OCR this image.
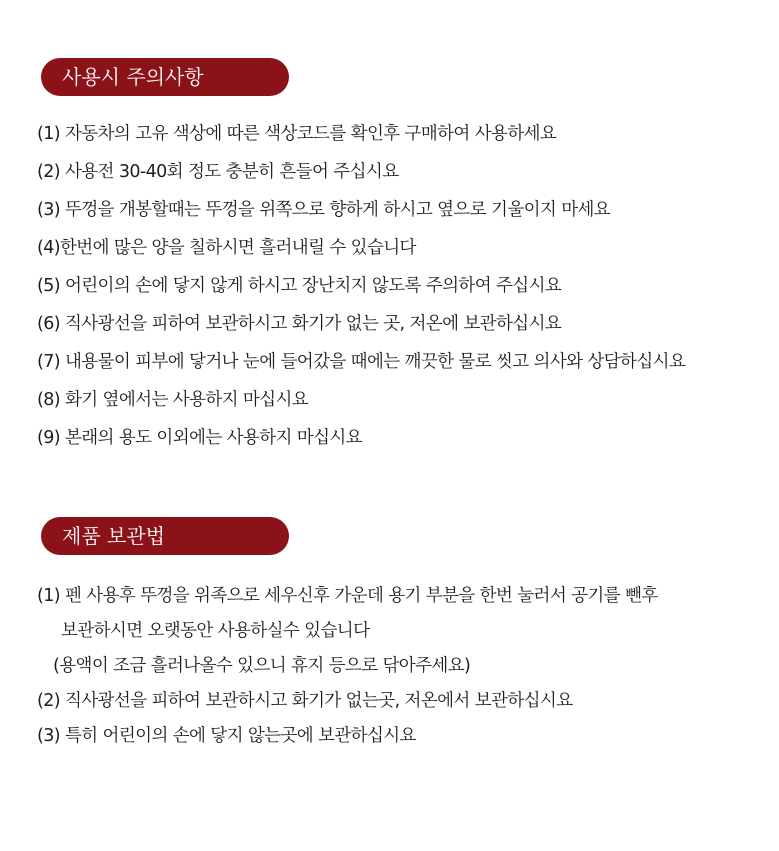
사용시 주의사항
(1) 자동차의 고유 색상에 따른 색상코드를 확인후 구매하여 사용하세요
(2) 사용전 30-40회 정도 충분히 흔들어 주십시요
(3) 뚜껑을 개봉할때는 뚜껑을 위쪽으로 향하게 하시고 옆으로 기울이지 마세요
(4)한번에 많은 양을 칠하시면 흘러내릴 수 있습니다
(5) 어린이의 손에 닿지 않게 하시고 장난치지 않도록 주의하여 주십시요
(6) 직사광선을 피하여 보관하시고 화기가 없는 곳, 저온에 보관하십시요
(7) 내용물이 피부에 닿거나 눈에 들어갔을 때에는 깨끗한 물로 씻고 의사와 상담하십시요
(8) 화기 옆에서는 사용하지 마십시요
(9) 본래의 용도 이외에는 사용하지 마십시요
제품 보관법
(1) 펜 사용후 뚜껑을 위족으로 세우신후 가운데 용기 부분을 한번 눌러서 공기를 뺀후
보관하시면 오랫동안 사용하실수 있습니다
(용액이 조금 흘러나올수 있으니 휴지 등으로 닦아주세요)
(2) 직사광선을 피하여 보관하시고 화기가 없는곳, 저온에서 보관하십시요
(3) 특히 어린이의 손에 닿지 않는곳에 보관하십시요
